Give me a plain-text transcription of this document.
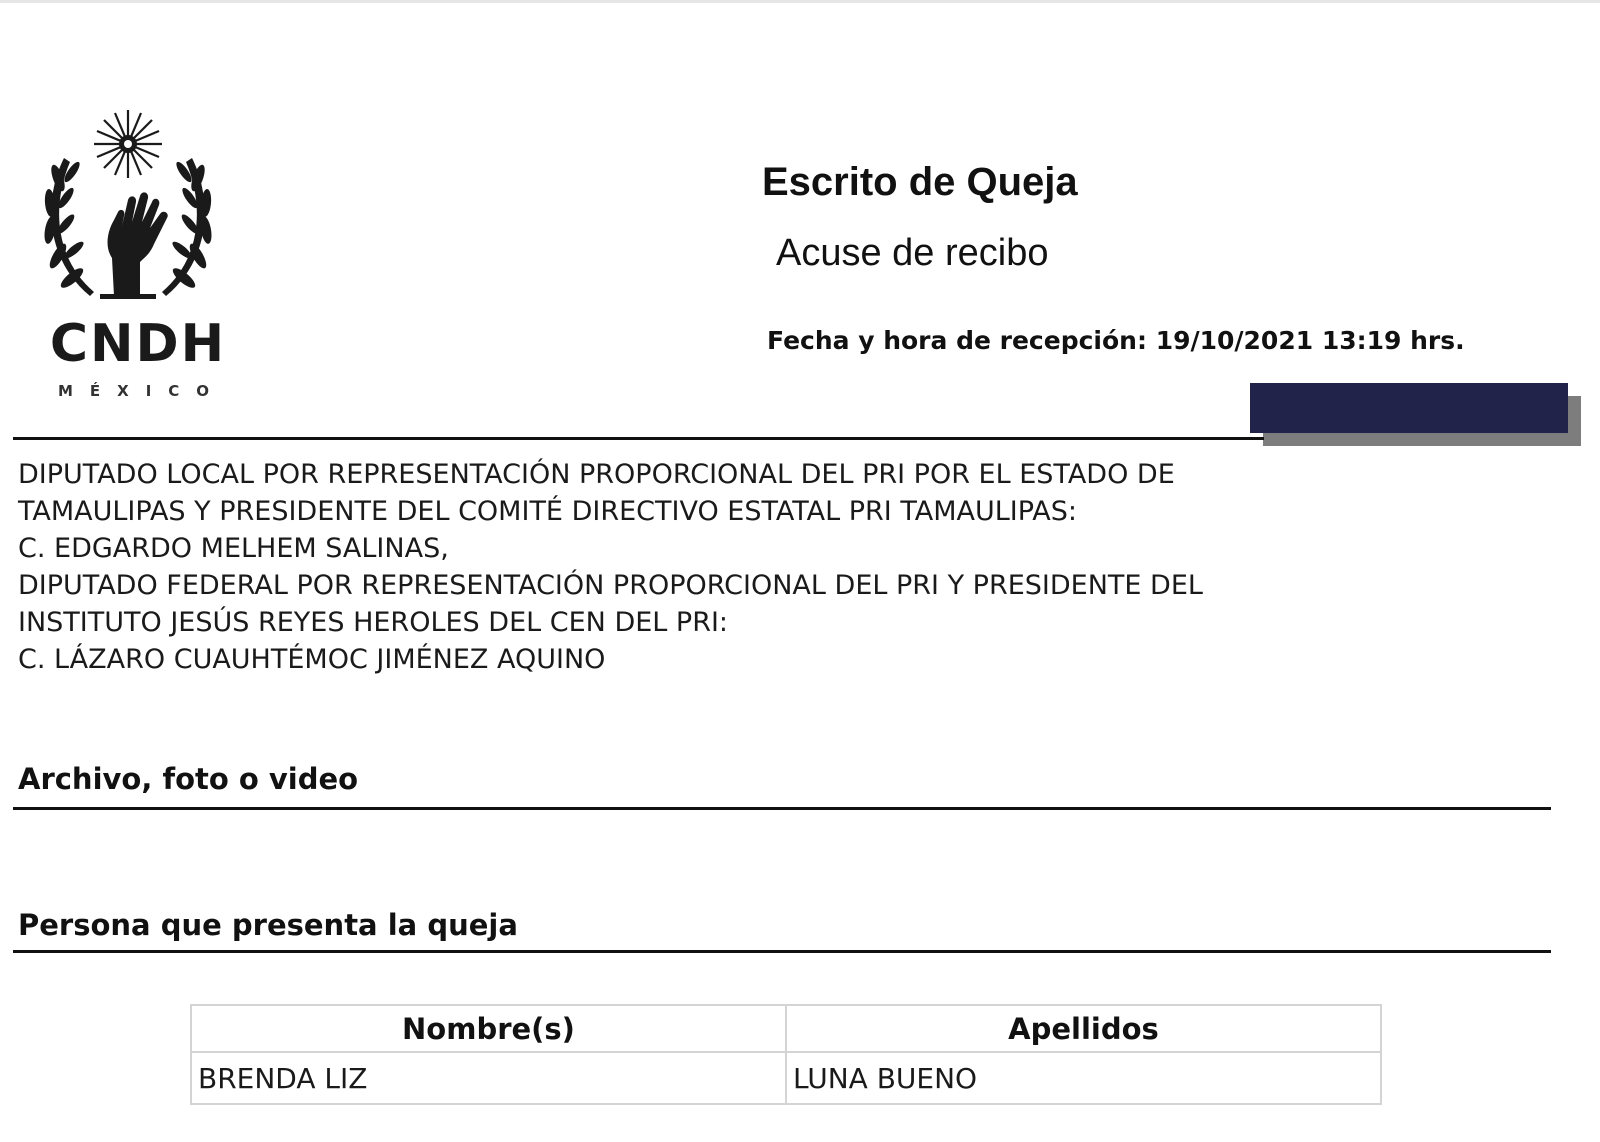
CNDH
MÉXICO
Escrito de Queja
Acuse de recibo
Fecha y hora de recepción: 19/10/2021 13:19 hrs.
DIPUTADO LOCAL POR REPRESENTACIÓN PROPORCIONAL DEL PRI POR EL ESTADO DE
TAMAULIPAS Y PRESIDENTE DEL COMITÉ DIRECTIVO ESTATAL PRI TAMAULIPAS:
C. EDGARDO MELHEM SALINAS,
DIPUTADO FEDERAL POR REPRESENTACIÓN PROPORCIONAL DEL PRI Y PRESIDENTE DEL
INSTITUTO JESÚS REYES HEROLES DEL CEN DEL PRI:
C. LÁZARO CUAUHTÉMOC JIMÉNEZ AQUINO
Archivo, foto o video
Persona que presenta la queja
Nombre(s)	Apellidos
BRENDA LIZ	LUNA BUENO
